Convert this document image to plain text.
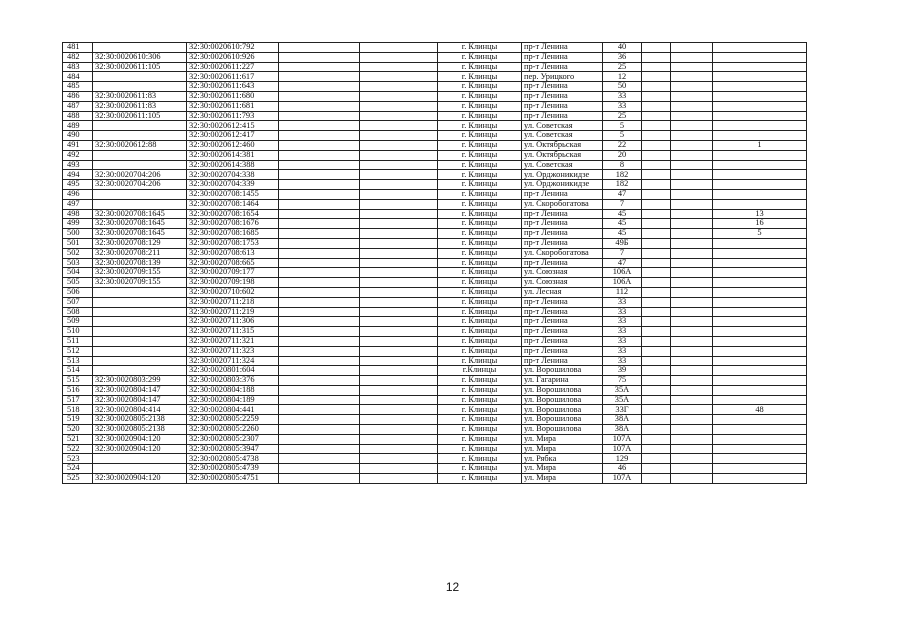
481		32:30:0020610:792			г. Клинцы	пр-т Ленина	40			
482	32:30:0020610:306	32:30:0020610:926			г. Клинцы	пр-т Ленина	36			
483	32:30:0020611:105	32:30:0020611:227			г. Клинцы	пр-т Ленина	25			
484		32:30:0020611:617			г. Клинцы	пер. Урицкого	12			
485		32:30:0020611:643			г. Клинцы	пр-т Ленина	50			
486	32:30:0020611:83	32:30:0020611:680			г. Клинцы	пр-т Ленина	33			
487	32:30:0020611:83	32:30:0020611:681			г. Клинцы	пр-т Ленина	33			
488	32:30:0020611:105	32:30:0020611:793			г. Клинцы	пр-т Ленина	25			
489		32:30:0020612:415			г. Клинцы	ул. Советская	5			
490		32:30:0020612:417			г. Клинцы	ул. Советская	5			
491	32:30:0020612:88	32:30:0020612:460			г. Клинцы	ул. Октябрьская	22			1
492		32:30:0020614:381			г. Клинцы	ул. Октябрьская	20			
493		32:30:0020614:388			г. Клинцы	ул. Советская	8			
494	32:30:0020704:206	32:30:0020704:338			г. Клинцы	ул. Орджоникидзе	182			
495	32:30:0020704:206	32:30:0020704:339			г. Клинцы	ул. Орджоникидзе	182			
496		32:30:0020708:1455			г. Клинцы	пр-т Ленина	47			
497		32:30:0020708:1464			г. Клинцы	ул. Скоробогатова	7			
498	32:30:0020708:1645	32:30:0020708:1654			г. Клинцы	пр-т Ленина	45			13
499	32:30:0020708:1645	32:30:0020708:1676			г. Клинцы	пр-т Ленина	45			16
500	32:30:0020708:1645	32:30:0020708:1685			г. Клинцы	пр-т Ленина	45			5
501	32:30:0020708:129	32:30:0020708:1753			г. Клинцы	пр-т Ленина	49Б			
502	32:30:0020708:211	32:30:0020708:613			г. Клинцы	ул. Скоробогатова	7			
503	32:30:0020708:139	32:30:0020708:665			г. Клинцы	пр-т Ленина	47			
504	32:30:0020709:155	32:30:0020709:177			г. Клинцы	ул. Союзная	106А			
505	32:30:0020709:155	32:30:0020709:198			г. Клинцы	ул. Союзная	106А			
506		32:30:0020710:602			г. Клинцы	ул. Лесная	112			
507		32:30:0020711:218			г. Клинцы	пр-т Ленина	33			
508		32:30:0020711:219			г. Клинцы	пр-т Ленина	33			
509		32:30:0020711:306			г. Клинцы	пр-т Ленина	33			
510		32:30:0020711:315			г. Клинцы	пр-т Ленина	33			
511		32:30:0020711:321			г. Клинцы	пр-т Ленина	33			
512		32:30:0020711:323			г. Клинцы	пр-т Ленина	33			
513		32:30:0020711:324			г. Клинцы	пр-т Ленина	33			
514		32:30:0020801:604			г.Клинцы	ул. Ворошилова	39			
515	32:30:0020803:299	32:30:0020803:376			г. Клинцы	ул. Гагарина	75			
516	32:30:0020804:147	32:30:0020804:188			г. Клинцы	ул. Ворошилова	35А			
517	32:30:0020804:147	32:30:0020804:189			г. Клинцы	ул. Ворошилова	35А			
518	32:30:0020804:414	32:30:0020804:441			г. Клинцы	ул. Ворошилова	33Г			48
519	32:30:0020805:2138	32:30:0020805:2259			г. Клинцы	ул. Ворошилова	38А			
520	32:30:0020805:2138	32:30:0020805:2260			г. Клинцы	ул. Ворошилова	38А			
521	32:30:0020904:120	32:30:0020805:2307			г. Клинцы	ул. Мира	107А			
522	32:30:0020904:120	32:30:0020805:3947			г. Клинцы	ул. Мира	107А			
523		32:30:0020805:4738			г. Клинцы	ул. Рябка	129			
524		32:30:0020805:4739			г. Клинцы	ул. Мира	46			
525	32:30:0020904:120	32:30:0020805:4751			г. Клинцы	ул. Мира	107А			
12
